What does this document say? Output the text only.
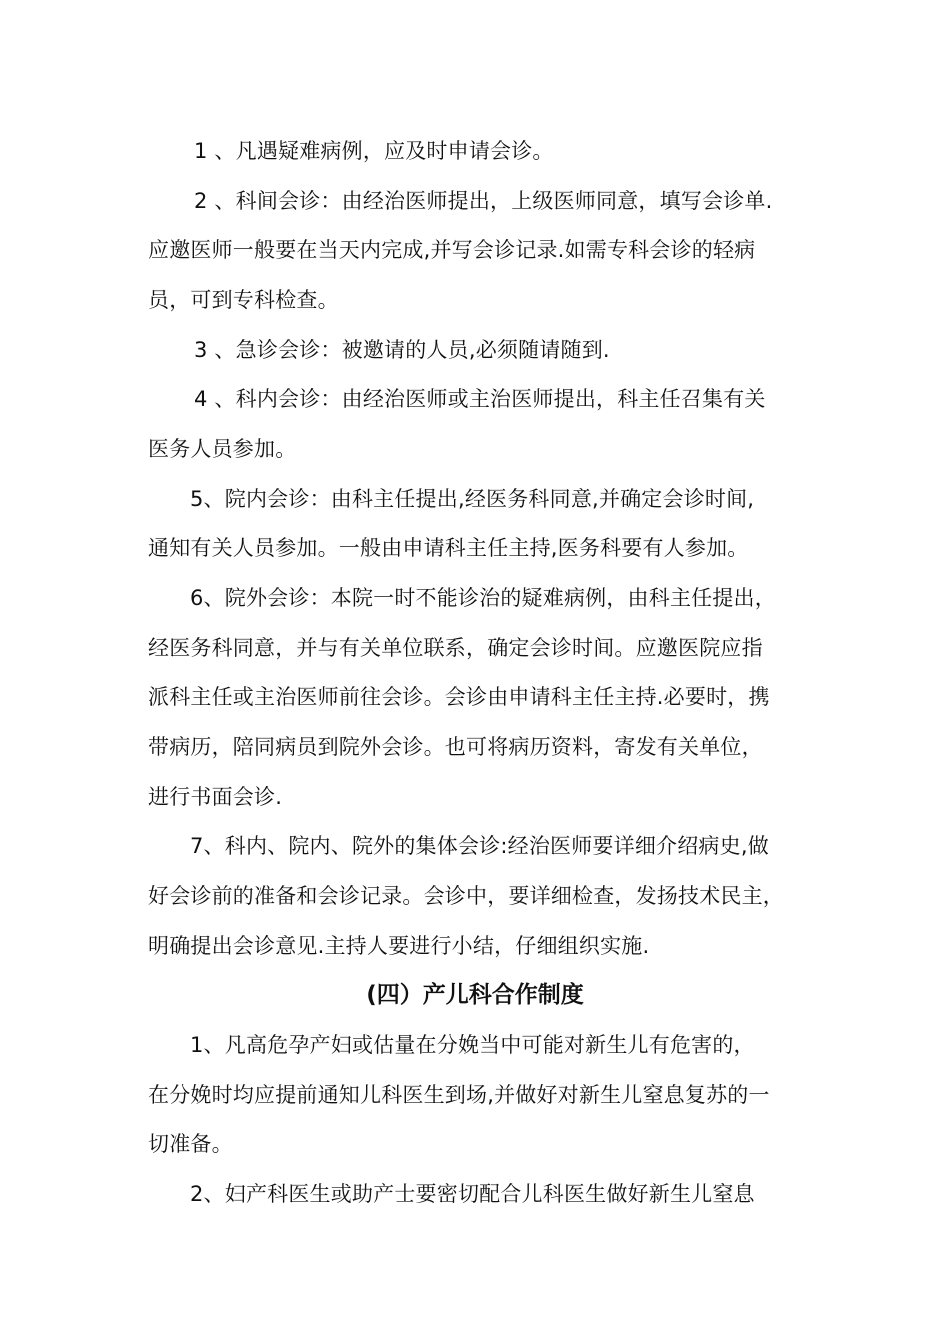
1 、凡遇疑难病例，应及时申请会诊。
2 、科间会诊：由经治医师提出，上级医师同意，填写会诊单.
应邀医师一般要在当天内完成,并写会诊记录.如需专科会诊的轻病
员，可到专科检查。
3 、急诊会诊：被邀请的人员,必须随请随到.
4 、科内会诊：由经治医师或主治医师提出，科主任召集有关
医务人员参加。
5、院内会诊：由科主任提出,经医务科同意,并确定会诊时间,
通知有关人员参加。一般由申请科主任主持,医务科要有人参加。
6、院外会诊：本院一时不能诊治的疑难病例，由科主任提出，
经医务科同意，并与有关单位联系，确定会诊时间。应邀医院应指
派科主任或主治医师前往会诊。会诊由申请科主任主持.必要时，携
带病历，陪同病员到院外会诊。也可将病历资料，寄发有关单位，
进行书面会诊.
7、科内、院内、院外的集体会诊:经治医师要详细介绍病史,做
好会诊前的准备和会诊记录。会诊中，要详细检查，发扬技术民主，
明确提出会诊意见.主持人要进行小结，仔细组织实施.
(四）产儿科合作制度
1、凡高危孕产妇或估量在分娩当中可能对新生儿有危害的，
在分娩时均应提前通知儿科医生到场,并做好对新生儿窒息复苏的一
切准备。
2、妇产科医生或助产士要密切配合儿科医生做好新生儿窒息
